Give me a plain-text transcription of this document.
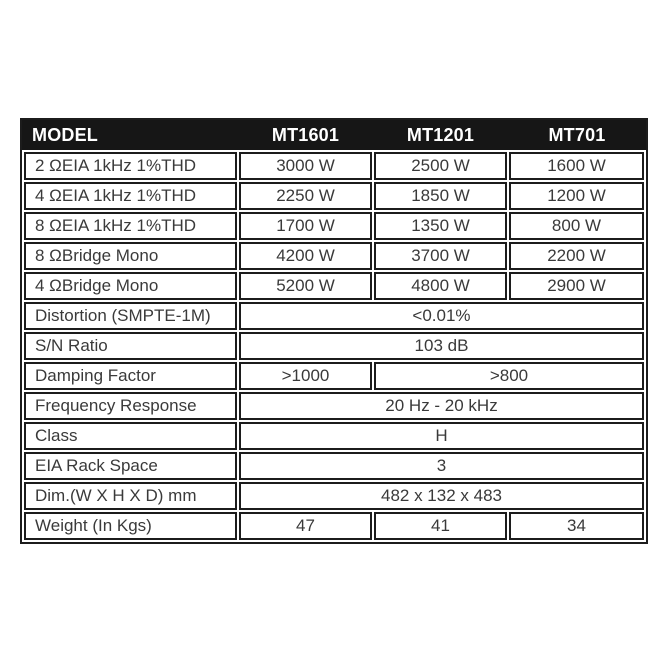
MODEL	MT1601	MT1201	MT701
2 ΩEIA 1kHz 1%THD	3000 W	2500 W	1600 W
4 ΩEIA 1kHz 1%THD	2250 W	1850 W	1200 W
8 ΩEIA 1kHz 1%THD	1700 W	1350 W	800 W
8 ΩBridge Mono	4200 W	3700 W	2200 W
4 ΩBridge Mono	5200 W	4800 W	2900 W
Distortion (SMPTE-1M)	<0.01%		
S/N Ratio	103 dB		
Damping Factor	>1000	>800	
Frequency Response	20 Hz - 20 kHz		
Class	H		
EIA Rack Space	3		
Dim.(W X H X D) mm	482 x 132 x 483		
Weight (In Kgs)	47	41	34
